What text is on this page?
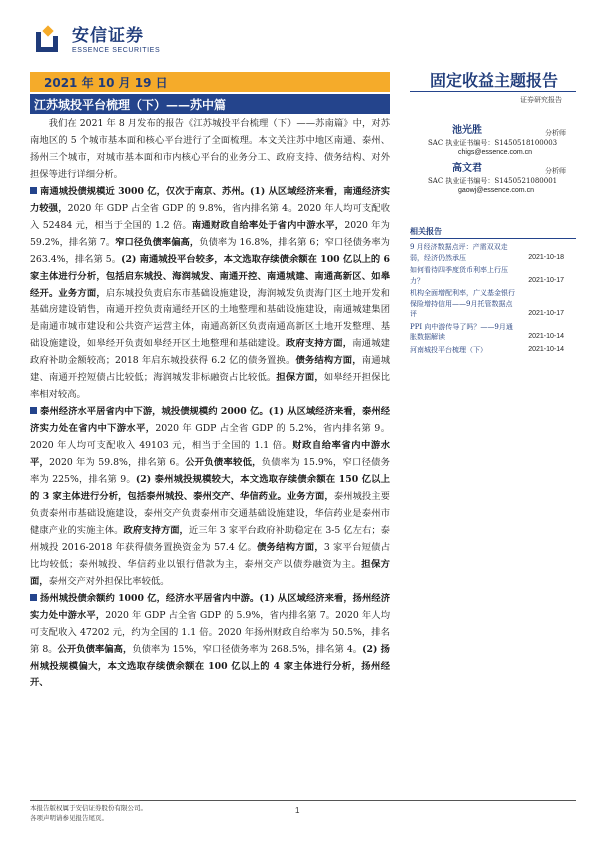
安信证券
ESSENCE SECURITIES
2021 年 10 月 19 日
江苏城投平台梳理（下）——苏中篇
固定收益主题报告
证券研究报告
池光胜	分析师
SAC 执业证书编号：S1450518100003
chigs@essence.com.cn
高文君	分析师
SAC 执业证书编号：S1450521080001
gaowj@essence.com.cn
相关报告
9 月经济数据点评：产需双双走弱，经济仍然承压	2021-10-18
如何看待四季度货币利率上行压力？	2021-10-17
机构全面增配利率，广义基金银行保险增持信用——9月托管数据点评	2021-10-17
PPI 向中游传导了吗？——9月通胀数据解读	2021-10-14
河南城投平台梳理（下）	2021-10-14

我们在 2021 年 8 月发布的报告《江苏城投平台梳理（下）——苏南篇》中，对苏南地区的 5 个城市基本面和核心平台进行了全面梳理。本文关注苏中地区南通、泰州、扬州三个城市，对城市基本面和市内核心平台的业务分工、政府支持、债务结构、对外担保等进行详细分析。

南通城投债规模近 3000 亿，仅次于南京、苏州。(1) 从区域经济来看，南通经济实力较强，2020 年 GDP 占全省 GDP 的 9.8%，省内排名第 4。2020 年人均可支配收入 52484 元，相当于全国的 1.2 倍。南通财政自给率处于省内中游水平，2020 年为 59.2%，排名第 7。窄口径负债率偏高，负债率为 16.8%，排名第 6；窄口径债务率为 263.4%，排名第 5。(2) 南通城投平台较多，本文选取存续债余额在 100 亿以上的 6 家主体进行分析，包括启东城投、海润城发、南通开控、南通城建、南通高新区、如皋经开。业务方面，启东城投负责启东市基础设施建设，海润城发负责海门区土地开发和基础房建设销售，南通开控负责南通经开区的土地整理和基础设施建设，南通城建集团是南通市城市建设和公共资产运营主体，南通高新区负责南通高新区土地开发整理、基础设施建设，如皋经开负责如皋经开区土地整理和基础建设。政府支持方面，南通城建政府补助金额较高；2018 年启东城投获得 6.2 亿的债务置换。债务结构方面，南通城建、南通开控短债占比较低；海润城发非标融资占比较低。担保方面，如皋经开担保比率相对较高。

泰州经济水平居省内中下游，城投债规模约 2000 亿。(1) 从区域经济来看，泰州经济实力处在省内中下游水平，2020 年 GDP 占全省 GDP 的 5.2%，省内排名第 9。2020 年人均可支配收入 49103 元，相当于全国的 1.1 倍。财政自给率省内中游水平，2020 年为 59.8%，排名第 6。公开负债率较低，负债率为 15.9%，窄口径债务率为 225%，排名第 9。(2) 泰州城投规模较大，本文选取存续债余额在 150 亿以上的 3 家主体进行分析，包括泰州城投、泰州交产、华信药业。业务方面，泰州城投主要负责泰州市基础设施建设，泰州交产负责泰州市交通基础设施建设，华信药业是泰州市健康产业的实施主体。政府支持方面，近三年 3 家平台政府补助稳定在 3-5 亿左右；泰州城投 2016-2018 年获得债务置换资金为 57.4 亿。债务结构方面，3 家平台短债占比均较低；泰州城投、华信药业以银行借款为主，泰州交产以债券融资为主。担保方面，泰州交产对外担保比率较低。

扬州城投债余额约 1000 亿，经济水平居省内中游。(1) 从区域经济来看，扬州经济实力处中游水平，2020 年 GDP 占全省 GDP 的 5.9%，省内排名第 7。2020 年人均可支配收入 47202 元，约为全国的 1.1 倍。2020 年扬州财政自给率为 50.5%，排名第 8。公开负债率偏高，负债率为 15%，窄口径债务率为 268.5%，排名第 4。(2) 扬州城投规模偏大，本文选取存续债余额在 100 亿以上的 4 家主体进行分析，扬州经开、

本报告版权属于安信证券股份有限公司。
各项声明请参见报告尾页。
1
